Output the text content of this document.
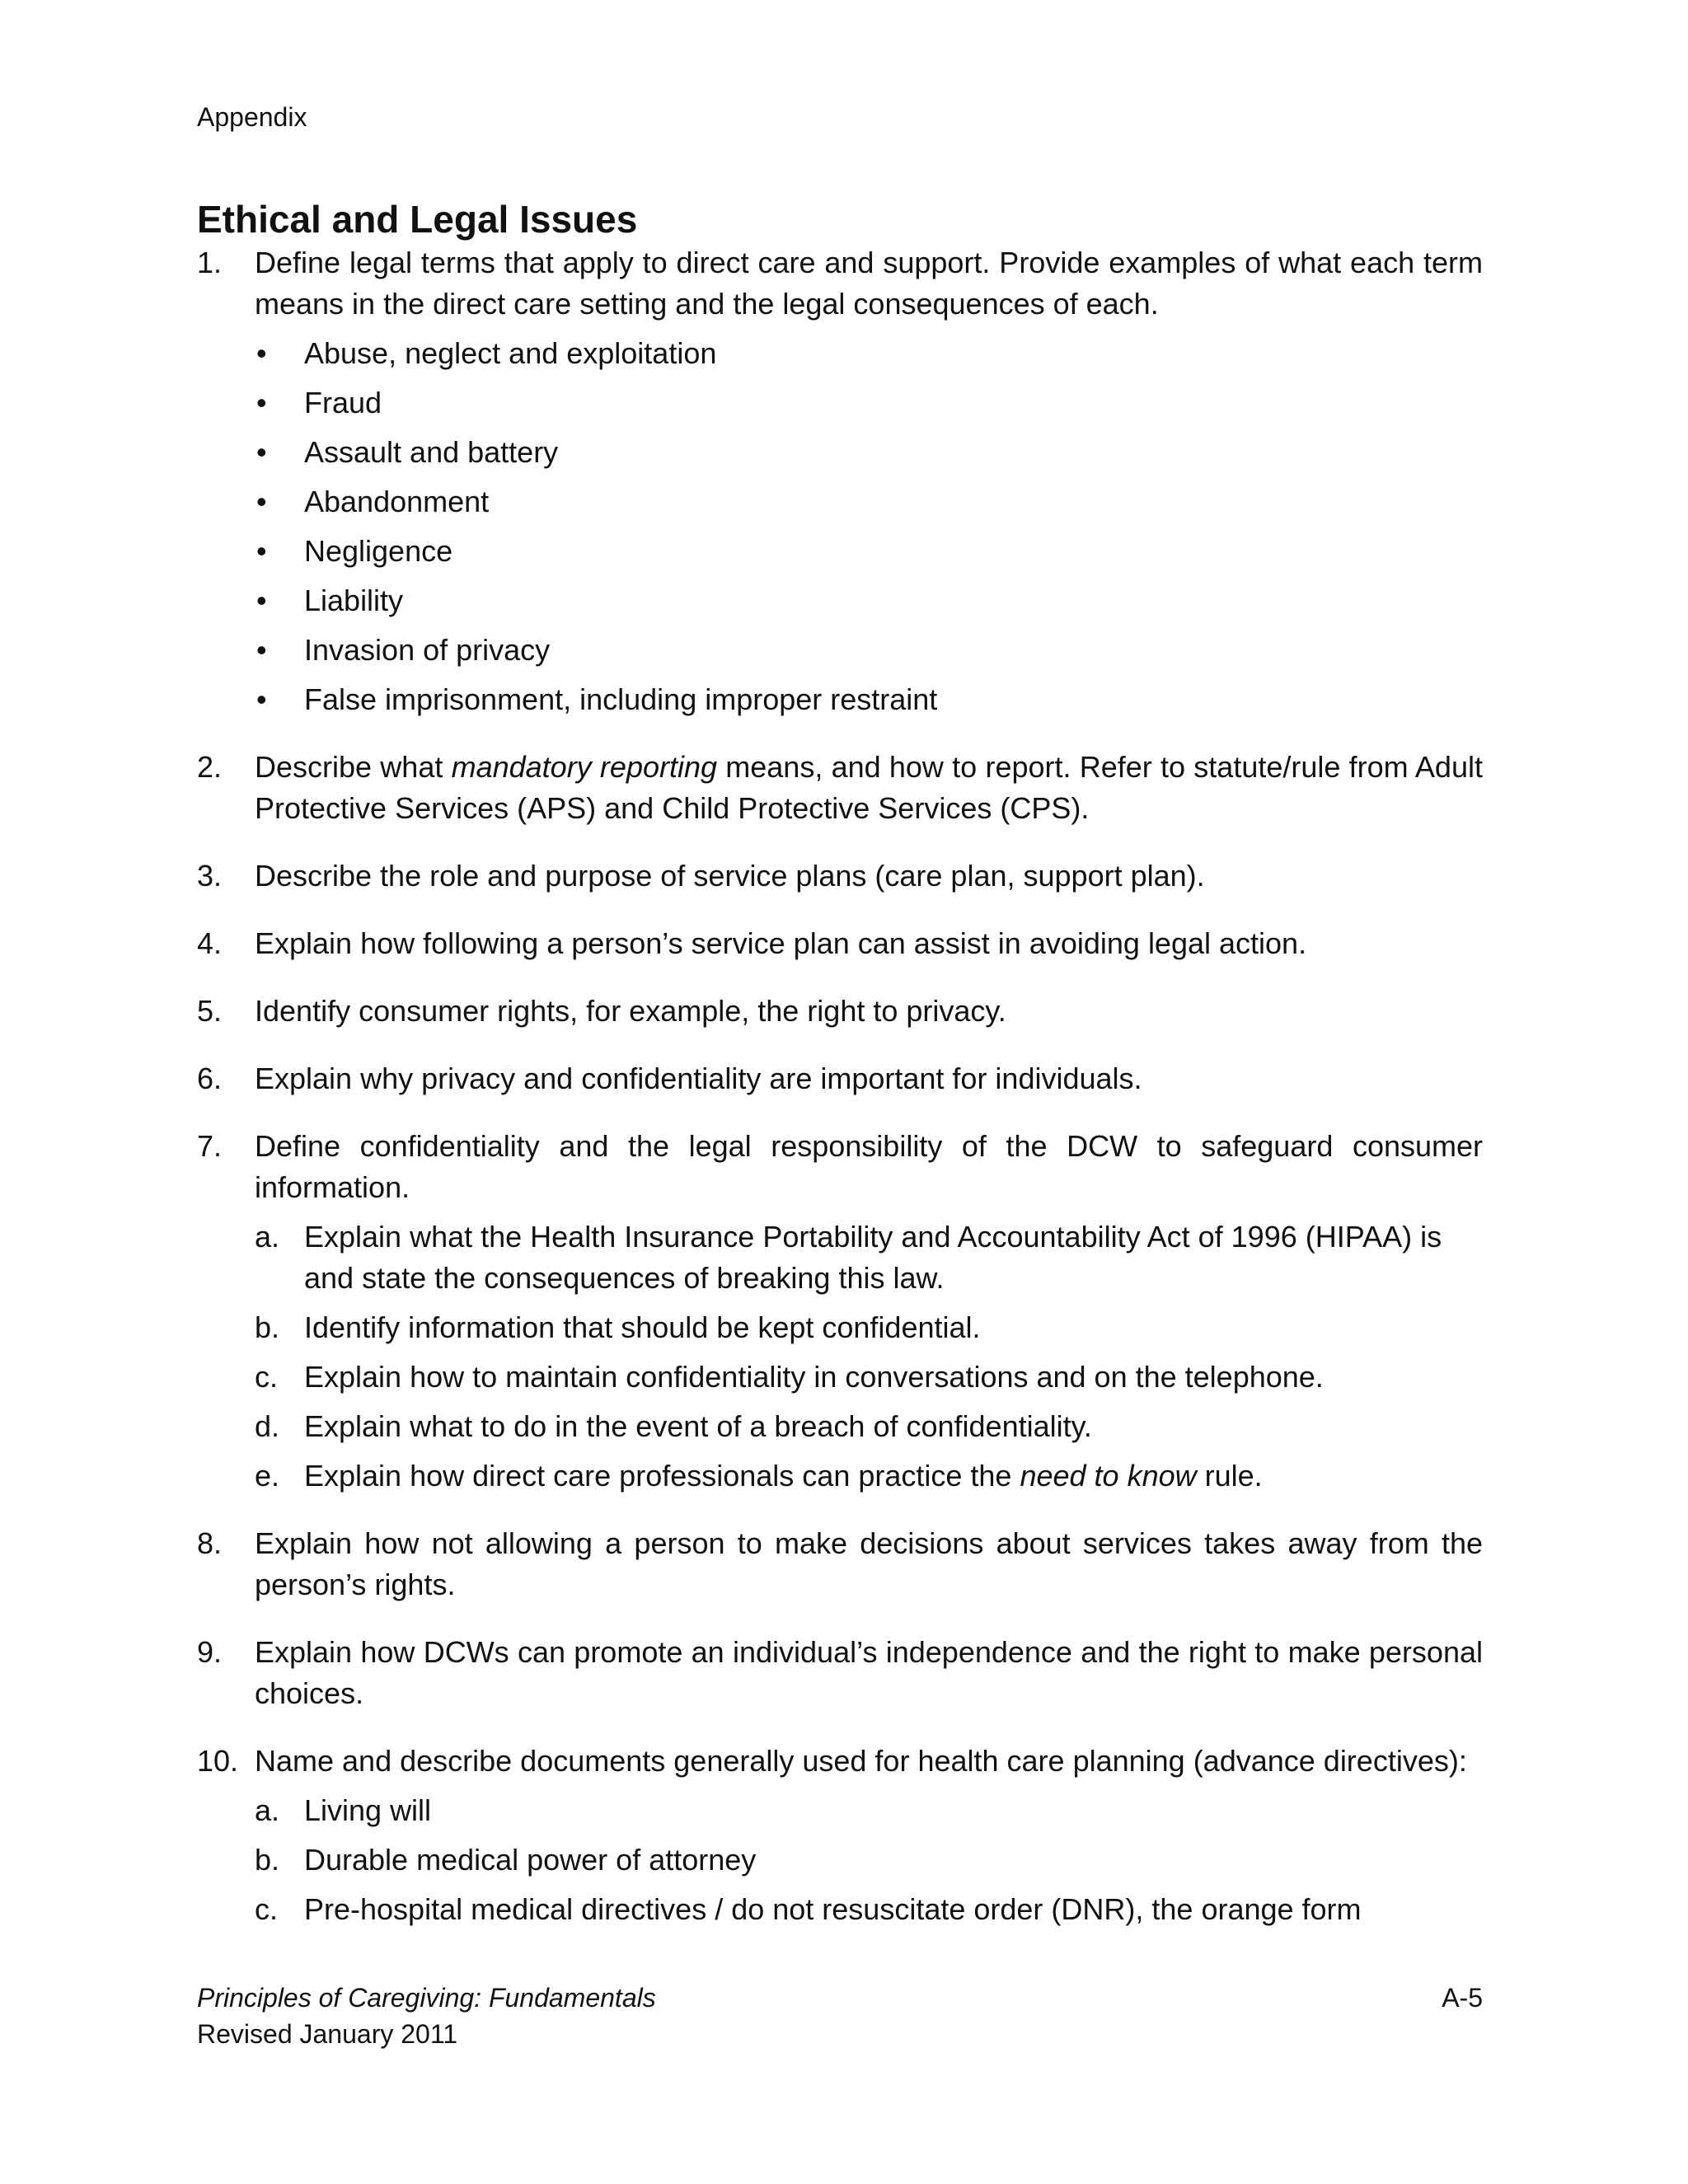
Appendix
Ethical and Legal Issues
1.	Define legal terms that apply to direct care and support. Provide examples of what each term means in the direct care setting and the legal consequences of each.
•	Abuse, neglect and exploitation
•	Fraud
•	Assault and battery
•	Abandonment
•	Negligence
•	Liability
•	Invasion of privacy
•	False imprisonment, including improper restraint
2.	Describe what mandatory reporting means, and how to report. Refer to statute/rule from Adult Protective Services (APS) and Child Protective Services (CPS).
3.	Describe the role and purpose of service plans (care plan, support plan).
4.	Explain how following a person’s service plan can assist in avoiding legal action.
5.	Identify consumer rights, for example, the right to privacy.
6.	Explain why privacy and confidentiality are important for individuals.
7.	Define confidentiality and the legal responsibility of the DCW to safeguard consumer information.
a. Explain what the Health Insurance Portability and Accountability Act of 1996 (HIPAA) is and state the consequences of breaking this law.
b. Identify information that should be kept confidential.
c. Explain how to maintain confidentiality in conversations and on the telephone.
d. Explain what to do in the event of a breach of confidentiality.
e. Explain how direct care professionals can practice the need to know rule.
8.	Explain how not allowing a person to make decisions about services takes away from the person’s rights.
9.	Explain how DCWs can promote an individual’s independence and the right to make personal choices.
10. Name and describe documents generally used for health care planning (advance directives):
a. Living will
b. Durable medical power of attorney
c. Pre-hospital medical directives / do not resuscitate order (DNR), the orange form
Principles of Caregiving: Fundamentals	A-5
Revised January 2011
